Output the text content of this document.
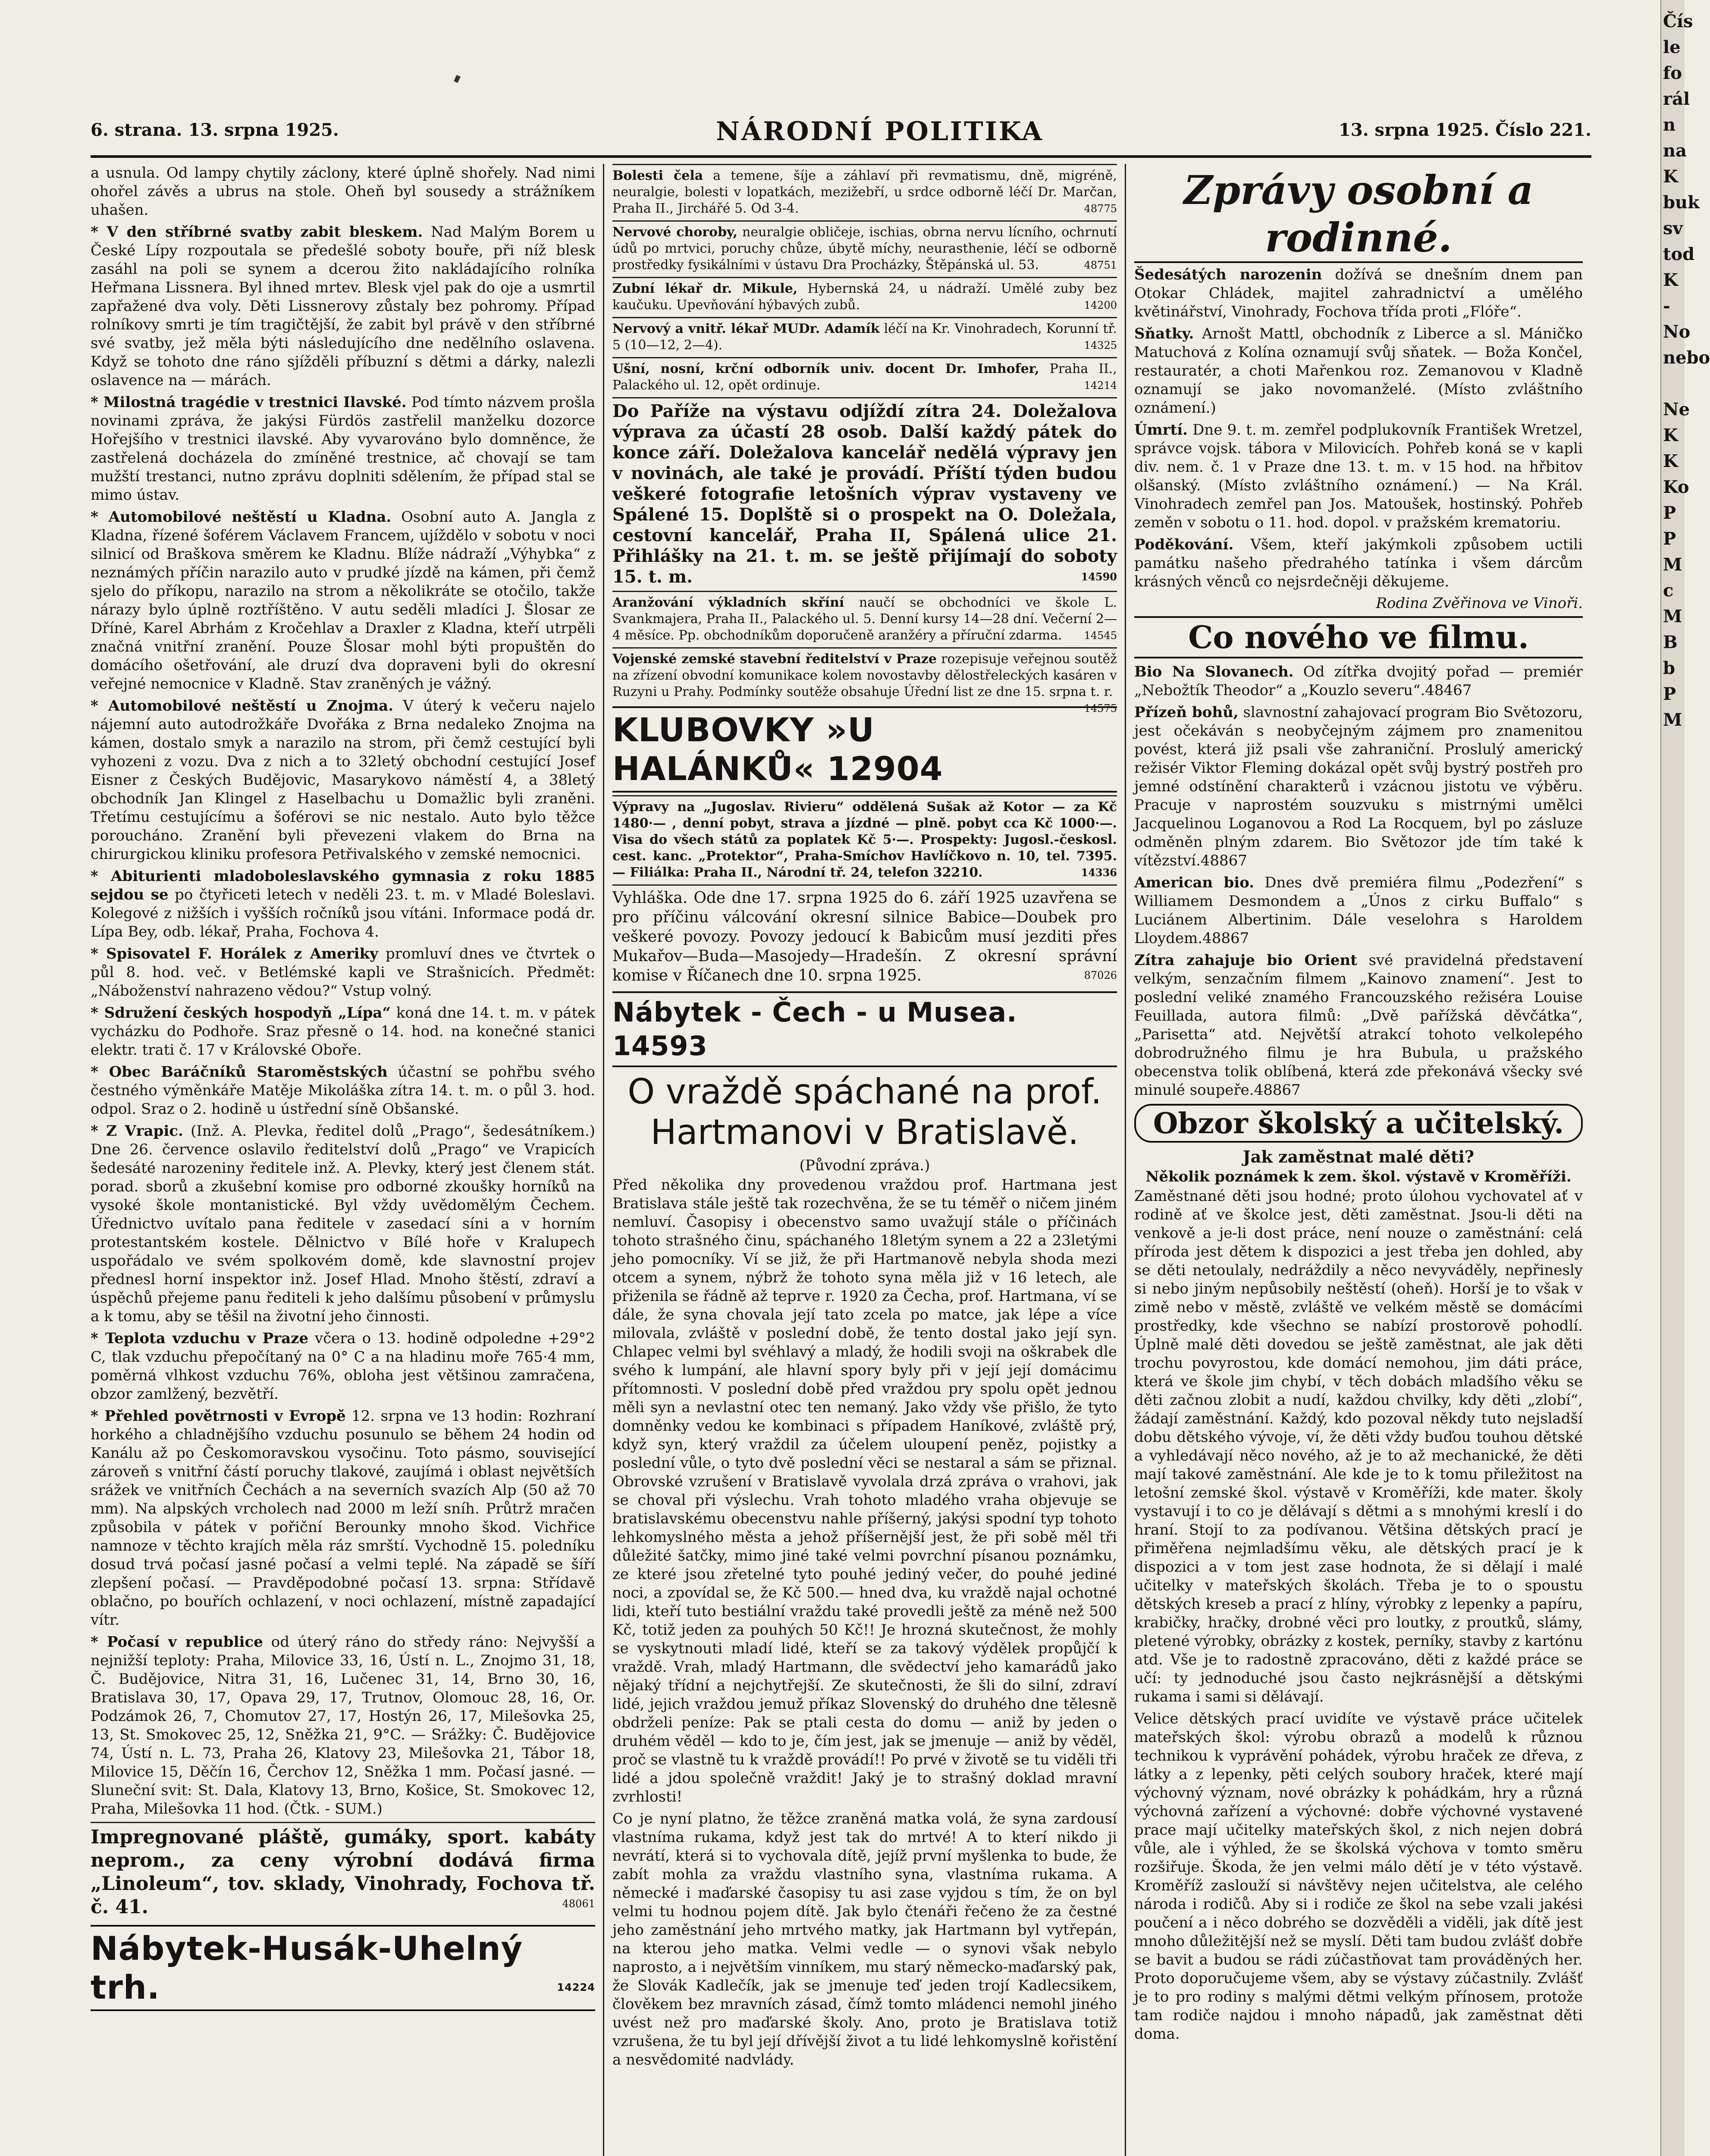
6. strana. 13. srpna 1925.	NÁRODNÍ POLITIKA	13. srpna 1925. Číslo 221.

a usnula. Od lampy chytily záclony, které úplně shořely. Nad nimi ohořel závěs a ubrus na stole. Oheň byl sousedy a strážníkem uhašen.

* V den stříbrné svatby zabit bleskem. Nad Malým Borem u České Lípy rozpoutala se předešlé soboty bouře, při níž blesk zasáhl na poli se synem a dcerou žito nakládajícího rolníka Heřmana Lissnera. Byl ihned mrtev. Blesk vjel pak do oje a usmrtil zapřažené dva voly. Děti Lissnerovy zůstaly bez pohromy. Případ rolníkovy smrti je tím tragičtější, že zabit byl právě v den stříbrné své svatby, jež měla býti následujícího dne nedělního oslavena. Když se tohoto dne ráno sjížděli příbuzní s dětmi a dárky, nalezli oslavence na — márách.

* Milostná tragédie v trestnici Ilavské. Pod tímto názvem prošla novinami zpráva, že jakýsi Fürdös zastřelil manželku dozorce Hořejšího v trestnici ilavské. Aby vyvarováno bylo domněnce, že zastřelená docházela do zmíněné trestnice, ač chovají se tam mužští trestanci, nutno zprávu doplniti sdělením, že případ stal se mimo ústav.

* Automobilové neštěstí u Kladna. Osobní auto A. Jangla z Kladna, řízené šoférem Václavem Francem, ujíždělo v sobotu v noci silnicí od Braškova směrem ke Kladnu. Blíže nádraží „Výhybka“ z neznámých příčin narazilo auto v prudké jízdě na kámen, při čemž sjelo do příkopu, narazilo na strom a několikráte se otočilo, takže nárazy bylo úplně roztříštěno. V autu seděli mladíci J. Šlosar ze Dřínė, Karel Abrhám z Kročehlav a Draxler z Kladna, kteří utrpěli značná vnitřní zranění. Pouze Šlosar mohl býti propuštěn do domácího ošetřování, ale druzí dva dopraveni byli do okresní veřejné nemocnice v Kladně. Stav zraněných je vážný.

* Automobilové neštěstí u Znojma. V úterý k večeru najelo nájemní auto autodrožkáře Dvořáka z Brna nedaleko Znojma na kámen, dostalo smyk a narazilo na strom, při čemž cestující byli vyhozeni z vozu. Dva z nich a to 32letý obchodní cestující Josef Eisner z Českých Budějovic, Masarykovo náměstí 4, a 38letý obchodník Jan Klingel z Haselbachu u Domažlic byli zraněni. Třetímu cestujícímu a šoférovi se nic nestalo. Auto bylo těžce poroucháno. Zranění byli převezeni vlakem do Brna na chirurgickou kliniku profesora Petřivalského v zemské nemocnici.

* Abiturienti mladoboleslavského gymnasia z roku 1885 sejdou se po čtyřiceti letech v neděli 23. t. m. v Mladé Boleslavi. Kolegové z nižších i vyšších ročníků jsou vítáni. Informace podá dr. Lípa Bey, odb. lékař, Praha, Fochova 4.

* Spisovatel F. Horálek z Ameriky promluví dnes ve čtvrtek o půl 8. hod. več. v Betlémské kapli ve Strašnicích. Předmět: „Náboženství nahrazeno vědou?“ Vstup volný.

* Sdružení českých hospodyň „Lípa“ koná dne 14. t. m. v pátek vycházku do Podhoře. Sraz přesně o 14. hod. na konečné stanici elektr. trati č. 17 v Královské Oboře.

* Obec Baráčníků Staroměstských účastní se pohřbu svého čestného výměnkáře Matěje Mikoláška zítra 14. t. m. o půl 3. hod. odpol. Sraz o 2. hodině u ústřední síně Obšanské.

* Z Vrapic. (Inž. A. Plevka, ředitel dolů „Prago“, šedesátníkem.) Dne 26. července oslavilo ředitelství dolů „Prago“ ve Vrapicích šedesáté narozeniny ředitele inž. A. Plevky, který jest členem stát. porad. sborů a zkušební komise pro odborné zkoušky horníků na vysoké škole montanistické. Byl vždy uvědomělým Čechem. Úřednictvo uvítalo pana ředitele v zasedací síni a v horním protestantském kostele. Dělnictvo v Bílé hoře v Kralupech uspořádalo ve svém spolkovém domě, kde slavnostní projev přednesl horní inspektor inž. Josef Hlad. Mnoho štěstí, zdraví a úspěchů přejeme panu řediteli k jeho dalšímu působení v průmyslu a k tomu, aby se těšil na životní jeho činnosti.

* Teplota vzduchu v Praze včera o 13. hodině odpoledne +29°2 C, tlak vzduchu přepočítaný na 0° C a na hladinu moře 765·4 mm, poměrná vlhkost vzduchu 76%, obloha jest většinou zamračena, obzor zamlžený, bezvětří.

* Přehled povětrnosti v Evropě 12. srpna ve 13 hodin: Rozhraní horkého a chladnějšího vzduchu posunulo se během 24 hodin od Kanálu až po Českomoravskou vysočinu. Toto pásmo, související zároveň s vnitřní částí poruchy tlakové, zaujímá i oblast největších srážek ve vnitřních Čechách a na severních svazích Alp (50 až 70 mm). Na alpských vrcholech nad 2000 m leží sníh. Průtrž mračen způsobila v pátek v pořiční Berounky mnoho škod. Vichřice namnoze v těchto krajích měla ráz smrští. Vychodně 15. poledníku dosud trvá počasí jasné počasí a velmi teplé. Na západě se šíří zlepšení počasí. — Pravděpodobné počasí 13. srpna: Střídavě oblačno, po bouřích ochlazení, v noci ochlazení, místně zapadající vítr.

* Počasí v republice od úterý ráno do středy ráno: Nejvyšší a nejnižší teploty: Praha, Milovice 33, 16, Ústí n. L., Znojmo 31, 18, Č. Budějovice, Nitra 31, 16, Lučenec 31, 14, Brno 30, 16, Bratislava 30, 17, Opava 29, 17, Trutnov, Olomouc 28, 16, Or. Podzámok 26, 7, Chomutov 27, 17, Hostýn 26, 17, Milešovka 25, 13, St. Smokovec 25, 12, Sněžka 21, 9°C. — Srážky: Č. Budějovice 74, Ústí n. L. 73, Praha 26, Klatovy 23, Milešovka 21, Tábor 18, Milovice 15, Děčín 16, Čerchov 12, Sněžka 1 mm. Počasí jasné. — Sluneční svit: St. Dala, Klatovy 13, Brno, Košice, St. Smokovec 12, Praha, Milešovka 11 hod. (Čtk. - SUM.)

Impregnované pláště, gumáky, sport. kabáty neprom., za ceny výrobní dodává firma „Linoleum“, tov. sklady, Vinohrady, Fochova tř. č. 41.	48061

Nábytek-Husák-Uhelný trh.	14224

Bolesti čela a temene, šíje a záhlaví při revmatismu, dně, migréně, neuralgie, bolesti v lopatkách, mezižebří, u srdce odborně léčí Dr. Marčan, Praha II., Jirchářé 5. Od 3-4.	48775

Nervové choroby, neuralgie obličeje, ischias, obrna nervu lícního, ochrnutí údů po mrtvici, poruchy chůze, úbytě míchy, neurasthenie, léčí se odborně prostředky fysikálními v ústavu Dra Procházky, Štěpánská ul. 53.	48751

Zubní lékař dr. Mikule, Hybernská 24, u nádraží. Umělé zuby bez kaučuku. Upevňování hýbavých zubů.	14200

Nervový a vnitř. lékař MUDr. Adamík léčí na Kr. Vinohradech, Korunní tř. 5 (10—12, 2—4).	14325

Ušní, nosní, krční odborník univ. docent Dr. Imhofer, Praha II., Palackého ul. 12, opět ordinuje.	14214

Do Paříže na výstavu odjíždí zítra 24. Doležalova výprava za účastí 28 osob. Další každý pátek do konce září. Doležalova kancelář nedělá výpravy jen v novinách, ale také je provádí. Příští týden budou veškeré fotografie letošních výprav vystaveny ve Spálené 15. Doplště si o prospekt na O. Doležala, cestovní kancelář, Praha II, Spálená ulice 21. Přihlášky na 21. t. m. se ještě přijímají do soboty 15. t. m.	14590

Aranžování výkladních skříní naučí se obchodníci ve škole L. Svankmajera, Praha II., Palackého ul. 5. Denní kursy 14—28 dní. Večerní 2—4 měsíce. Pp. obchodníkům doporučeně aranžéry a příruční zdarma. 14545

Vojenské zemské stavební ředitelství v Praze rozepisuje veřejnou soutěž na zřízení obvodní komunikace kolem novostavby dělostřeleckých kasáren v Ruzyni u Prahy. Podmínky soutěže obsahuje Úřední list ze dne 15. srpna t. r.
14575

KLUBOVKY »U HALÁNKŮ« 12904

Výpravy na „Jugoslav. Rivieru“ oddělená Sušak až Kotor — za Kč 1480·— , denní pobyt, strava a jízdné — plně. pobyt cca Kč 1000·—. Visa do všech států za poplatek Kč 5·—. Prospekty: Jugosl.-českosl. cest. kanc. „Protektor“, Praha-Smíchov Havlíčkovo n. 10, tel. 7395. — Filiálka: Praha II., Národní tř. 24, telefon 32210.	14336

Vyhláška. Ode dne 17. srpna 1925 do 6. září 1925 uzavřena se pro příčinu válcování okresní silnice Babice—Doubek pro veškeré povozy. Povozy jedoucí k Babicům musí jezditi přes Mukařov—Buda—Masojedy—Hradešín. Z okresní správní komise v Říčanech dne 10. srpna 1925.	87026

Nábytek - Čech - u Musea. 14593
O vraždě spáchané na prof. Hartmanovi v Bratislavě.
(Původní zpráva.)

Před několika dny provedenou vraždou prof. Hartmana jest Bratislava stále ještě tak rozechvěna, že se tu téměř o ničem jiném nemluví. Časopisy i obecenstvo samo uvažují stále o příčinách tohoto strašného činu, spáchaného 18letým synem a 22 a 23letými jeho pomocníky. Ví se již, že při Hartmanově nebyla shoda mezi otcem a synem, nýbrž že tohoto syna měla již v 16 letech, ale přiženila se řádně až teprve r. 1920 za Čecha, prof. Hartmana, ví se dále, že syna chovala její tato zcela po matce, jak lépe a více milovala, zvláště v poslední době, že tento dostal jako její syn. Chlapec velmi byl svéhlavý a mladý, že hodili svoji na oškrabek dle svého k lumpání, ale hlavní spory byly při v její její domácimu přítomnosti. V poslední době před vraždou pry spolu opět jednou měli syn a nevlastní otec ten nemaný. Jako vždy vše přišlo, že tyto domněnky vedou ke kombinaci s případem Haníkové, zvláště prý, když syn, který vraždil za účelem uloupení peněz, pojistky a poslední vůle, o tyto dvě poslední věci se nestaral a sám se přiznal. Obrovské vzrušení v Bratislavě vyvolala drzá zpráva o vrahovi, jak se choval při výslechu. Vrah tohoto mladého vraha objevuje se bratislavskému obecenstvu nahle příšerný, jakýsi spodní typ tohoto lehkomyslného města a jehož příšernější jest, že při sobě měl tři důležité šatčky, mimo jiné také velmi povrchní písanou poznámku, ze které jsou zřetelné tyto pouhé jediný večer, do pouhé jediné noci, a zpovídal se, že Kč 500.— hned dva, ku vraždě najal ochotné lidi, kteří tuto bestiální vraždu také provedli ještě za méně než 500 Kč, totiž jeden za pouhých 50 Kč!! Je hrozná skutečnost, že mohly se vyskytnouti mladí lidé, kteří se za takový výdělek propůjčí k vraždě. Vrah, mladý Hartmann, dle svědectví jeho kamarádů jako nějaký třídní a nejchytřejší. Ze skutečnosti, že šli do silní, zdraví lidé, jejich vraždou jemuž příkaz Slovenský do druhého dne tělesně obdrželi peníze: Pak se ptali cesta do domu — aniž by jeden o druhém věděl — kdo to je, čím jest, jak se jmenuje — aniž by věděl, proč se vlastně tu k vraždě provádí!! Po prvé v životě se tu viděli tři lidé a jdou společně vraždit! Jaký je to strašný doklad mravní zvrhlosti!

Co je nyní platno, že těžce zraněná matka volá, že syna zardousí vlastníma rukama, když jest tak do mrtvé! A to kterí nikdo ji nevrátí, která si to vychovala dítě, jejíž první myšlenka to bude, že zabít mohla za vraždu vlastního syna, vlastníma rukama. A německé i maďarské časopisy tu asi zase vyjdou s tím, že on byl velmi tu hodnou pojem dítě. Jak bylo čtenáři řečeno že za čestné jeho zaměstnání jeho mrtvého matky, jak Hartmann byl vytřepán, na kterou jeho matka. Velmi vedle — o synovi však nebylo naprosto, a i největším vinníkem, mu starý německo-maďarský pak, že Slovák Kadlečík, jak se jmenuje teď jeden trojí Kadlecsikem, člověkem bez mravních zásad, čímž tomto mládenci nemohl jiného uvést než pro maďarské školy. Ano, proto je Bratislava totiž vzrušena, že tu byl její dřívější život a tu lidé lehkomyslně kořistění a nesvědomité nadvlády.

Zprávy osobní a rodinné.

Šedesátých narozenin dožívá se dnešním dnem pan Otokar Chládek, majitel zahradnictví a umělého květinářství, Vinohrady, Fochova třída proti „Flóře“.

Sňatky. Arnošt Mattl, obchodník z Liberce a sl. Máničko Matuchová z Kolína oznamují svůj sňatek. — Boža Končel, restauratér, a choti Mařenkou roz. Zemanovou v Kladně oznamují se jako novomanželé. (Místo zvláštního oznámení.)

Úmrtí. Dne 9. t. m. zemřel podplukovník František Wretzel, správce vojsk. tábora v Milovicích. Pohřeb koná se v kapli div. nem. č. 1 v Praze dne 13. t. m. v 15 hod. na hřbitov olšanský. (Místo zvláštního oznámení.) — Na Král. Vinohradech zemřel pan Jos. Matoušek, hostinský. Pohřeb zeměn v sobotu o 11. hod. dopol. v pražském krematoriu.

Poděkování. Všem, kteří jakýmkoli způsobem uctili památku našeho předrahého tatínka i všem dárcům krásných věnců co nejsrdečněji děkujeme.

Rodina Zvěřinova ve Vinoři.
Co nového ve filmu.

Bio Na Slovanech. Od zítřka dvojitý pořad — premiér „Nebožtík Theodor“ a „Kouzlo severu“.48467

Přízeň bohů, slavnostní zahajovací program Bio Světozoru, jest očekáván s neobyčejným zájmem pro znamenitou povést, která již psali vše zahraniční. Proslulý americký režisér Viktor Fleming dokázal opět svůj bystrý postřeh pro jemné odstínění charakterů i vzácnou jistotu ve výběru. Pracuje v naprostém souzvuku s mistrnými umělci Jacquelinou Loganovou a Rod La Rocquem, byl po zásluze odměněn plným zdarem. Bio Světozor jde tím také k vítězství.48867

American bio. Dnes dvě premiéra filmu „Podezření“ s Williamem Desmondem a „Únos z cirku Buffalo“ s Luciánem Albertinim. Dále veselohra s Haroldem Lloydem.48867

Zítra zahajuje bio Orient své pravidelná představení velkým, senzačním filmem „Kainovo znamení“. Jest to poslední veliké znamého Francouzského režiséra Louise Feuillada, autora filmů: „Dvě pařížská děvčátka“, „Parisetta“ atd. Největší atrakcí tohoto velkolepého dobrodružného filmu je hra Bubula, u pražského obecenstva tolik oblíbená, která zde překonává všecky své minulé soupeře.48867

Obzor školský a učitelský.
Jak zaměstnat malé děti?
Několik poznámek k zem. škol. výstavě v Kroměříži.

Zaměstnané děti jsou hodné; proto úlohou vychovatel ať v rodině ať ve školce jest, děti zaměstnat. Jsou-li děti na venkově a je-li dost práce, není nouze o zaměstnání: celá příroda jest dětem k dispozici a jest třeba jen dohled, aby se děti netoulaly, nedráždily a něco nevyváděly, nepřinesly si nebo jiným nepůsobily neštěstí (oheň). Horší je to však v zimě nebo v městě, zvláště ve velkém městě se domácími prostředky, kde všechno se nabízí prostorově pohodlí. Úplně malé děti dovedou se ještě zaměstnat, ale jak děti trochu povyrostou, kde domácí nemohou, jim dáti práce, která ve škole jim chybí, v těch dobách mladšího věku se děti začnou zlobit a nudí, každou chvilky, kdy děti „zlobí“, žádají zaměstnání. Každý, kdo pozoval někdy tuto nejsladší dobu dětského vývoje, ví, že děti vždy buďou touhou dětské a vyhledávají něco nového, až je to až mechanické, že děti mají takové zaměstnání. Ale kde je to k tomu přiležitost na letošní zemské škol. výstavě v Kroměříži, kde mater. školy vystavují i to co je dělávají s dětmi a s mnohými kreslí i do hraní. Stojí to za podívanou. Většina dětských prací je přiměřena nejmladšímu věku, ale dětských prací je k dispozici a v tom jest zase hodnota, že si dělají i malé učitelky v mateřských školách. Třeba je to o spoustu dětských kreseb a prací z hlíny, výrobky z lepenky a papíru, krabičky, hračky, drobné věci pro loutky, z proutků, slámy, pletené výrobky, obrázky z kostek, perníky, stavby z kartónu atd. Vše je to radostně zpracováno, děti z každé práce se učí: ty jednoduché jsou často nejkrásnější a dětskými rukama i sami si dělávají.

Velice dětských prací uvidíte ve výstavě práce učitelek mateřských škol: výrobu obrazů a modelů k různou technikou k vyprávění pohádek, výrobu hraček ze dřeva, z látky a z lepenky, pěti celých soubory hraček, které mají výchovný význam, nové obrázky k pohádkám, hry a různá výchovná zařízení a výchovné: dobře výchovné vystavené prace mají učitelky mateřských škol, z nich nejen dobrá vůle, ale i výhled, že se školská výchova v tomto směru rozšiřuje. Škoda, že jen velmi málo dětí je v této výstavě. Kroměříž zaslouží si návštěvy nejen učitelstva, ale celého národa i rodičů. Aby si i rodiče ze škol na sebe vzali jakési poučení a i něco dobrého se dozvěděli a viděli, jak dítě jest mnoho důležitější než se myslí. Děti tam budou zvlášť dobře se bavit a budou se rádi zúčastňovat tam prováděných her. Proto doporučujeme všem, aby se výstavy zúčastnily. Zvlášť je to pro rodiny s malými dětmi velkým přínosem, protože tam rodiče najdou i mnoho nápadů, jak zaměstnat děti doma.

Čís
le
fo
rál
n
na
K
buk
sv
tod
K
-
No
nebo

Ne
K
K
Ko
P
P
M
c
M
B
b
P
M
